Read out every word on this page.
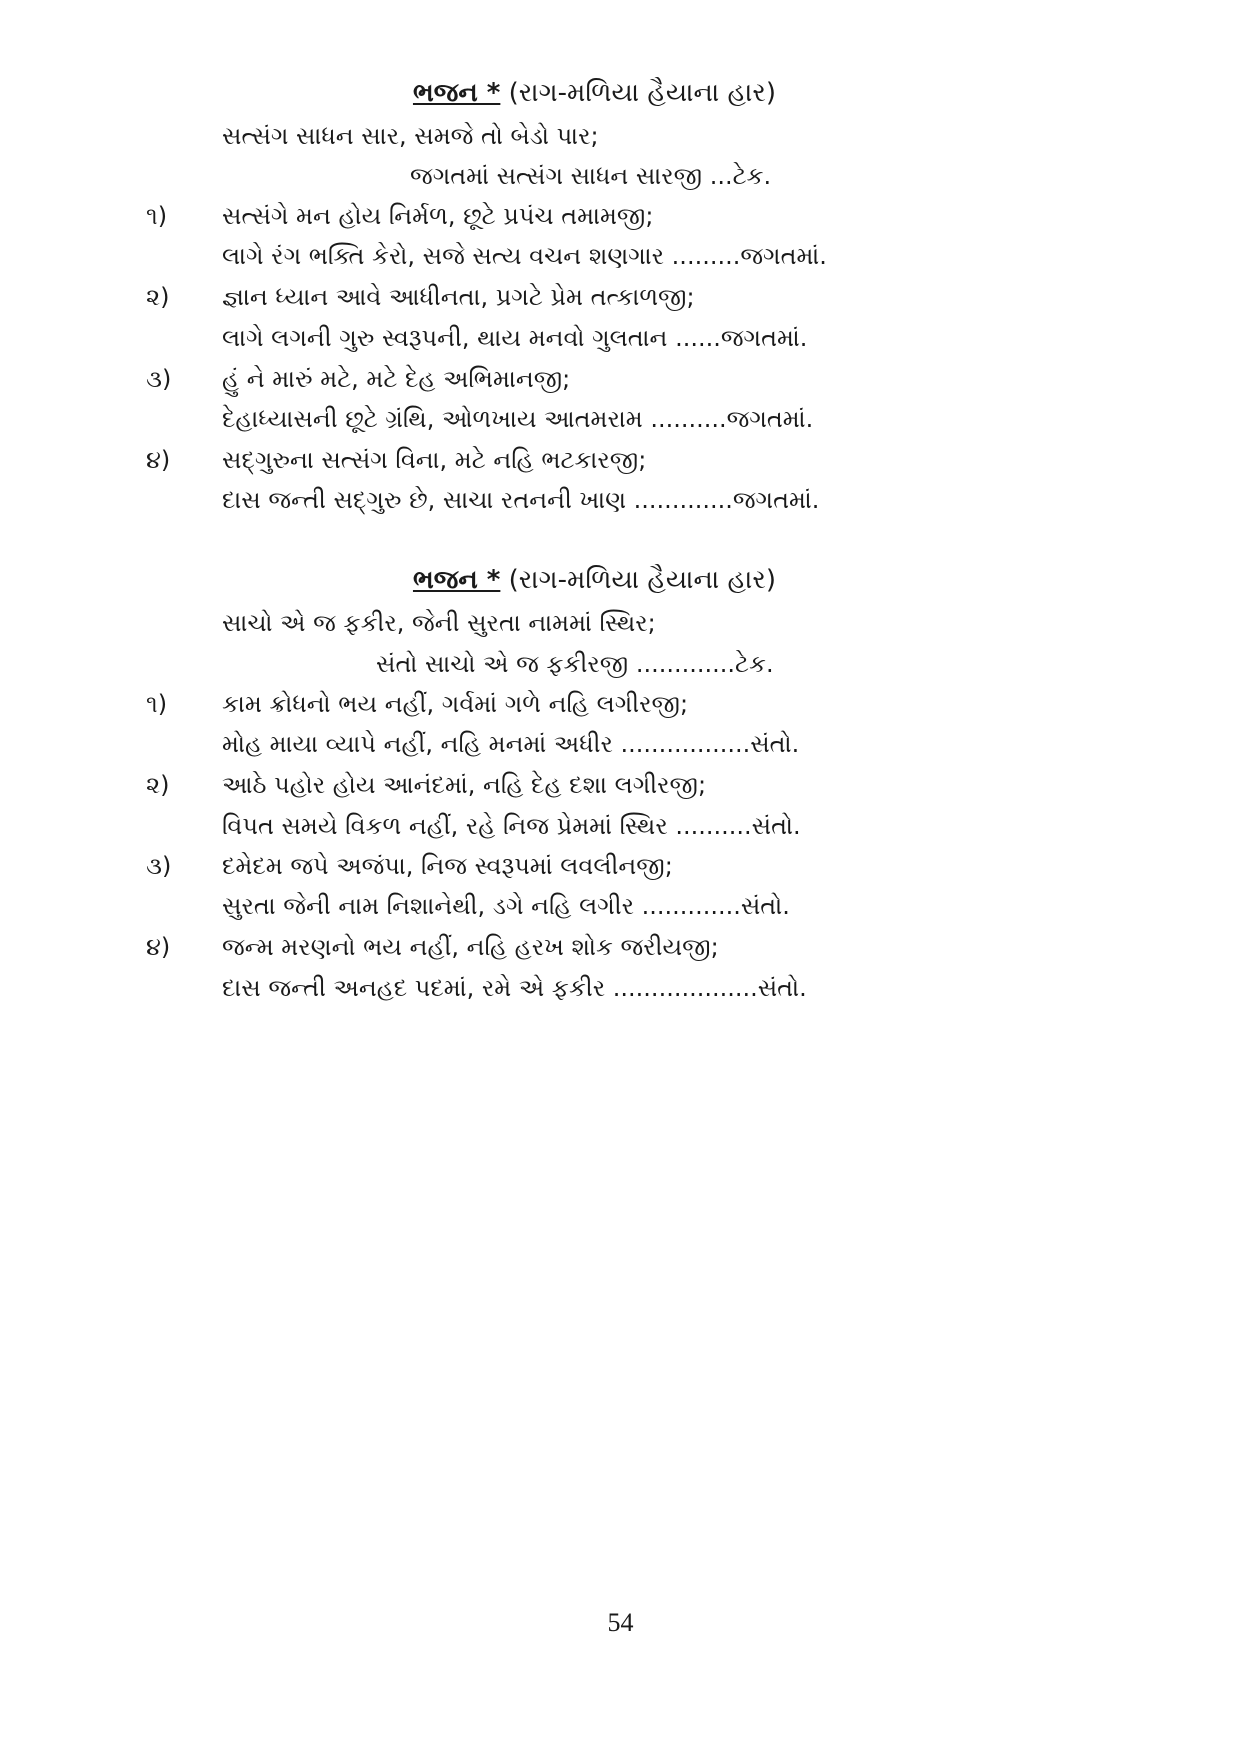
ભજન * (રાગ-મળિયા હૈયાના હાર)
સત્સંગ સાધન સાર, સમજે તો બેડો પાર;
જગતમાં સત્સંગ સાધન સારજી ...ટેક.
૧) સત્સંગે મન હોય નિર્મળ, છૂટે પ્રપંચ તમામજી;
લાગે રંગ ભક્તિ કેરો, સજે સત્ય વચન શણગાર .........જગતમાં.
૨) જ્ઞાન ધ્યાન આવે આધીનતા, પ્રગટે પ્રેમ તત્કાળજી;
લાગે લગની ગુરુ સ્વરૂપની, થાય મનવો ગુલતાન ......જગતમાં.
૩) હું ને મારું મટે, મટે દેહ અભિમાનજી;
દેહાધ્યાસની છૂટે ગ્રંથિ, ઓળખાય આતમરામ ..........જગતમાં.
૪) સદ્ગુરુના સત્સંગ વિના, મટે નહિ ભટકારજી;
દાસ જન્તી સદ્ગુરુ છે, સાચા રતનની ખાણ .............જગતમાં.
ભજન * (રાગ-મળિયા હૈયાના હાર)
સાચો એ જ ફકીર, જેની સુરતા નામમાં સ્થિર;
સંતો સાચો એ જ ફકીરજી .............ટેક.
૧) કામ ક્રોધનો ભય નહીં, ગર્વમાં ગળે નહિ લગીરજી;
મોહ માયા વ્યાપે નહીં, નહિ મનમાં અધીર .................સંતો.
૨) આઠે પહોર હોય આનંદમાં, નહિ દેહ દશા લગીરજી;
વિપત સમયે વિકળ નહીં, રહે નિજ પ્રેમમાં સ્થિર ..........સંતો.
૩) દમેદમ જપે અજંપા, નિજ સ્વરૂપમાં લવલીનજી;
સુરતા જેની નામ નિશાનેથી, ડગે નહિ લગીર .............સંતો.
૪) જન્મ મરણનો ભય નહીં, નહિ હરખ શોક જરીયજી;
દાસ જન્તી અનહદ પદમાં, રમે એ ફકીર ...................સંતો.
54
